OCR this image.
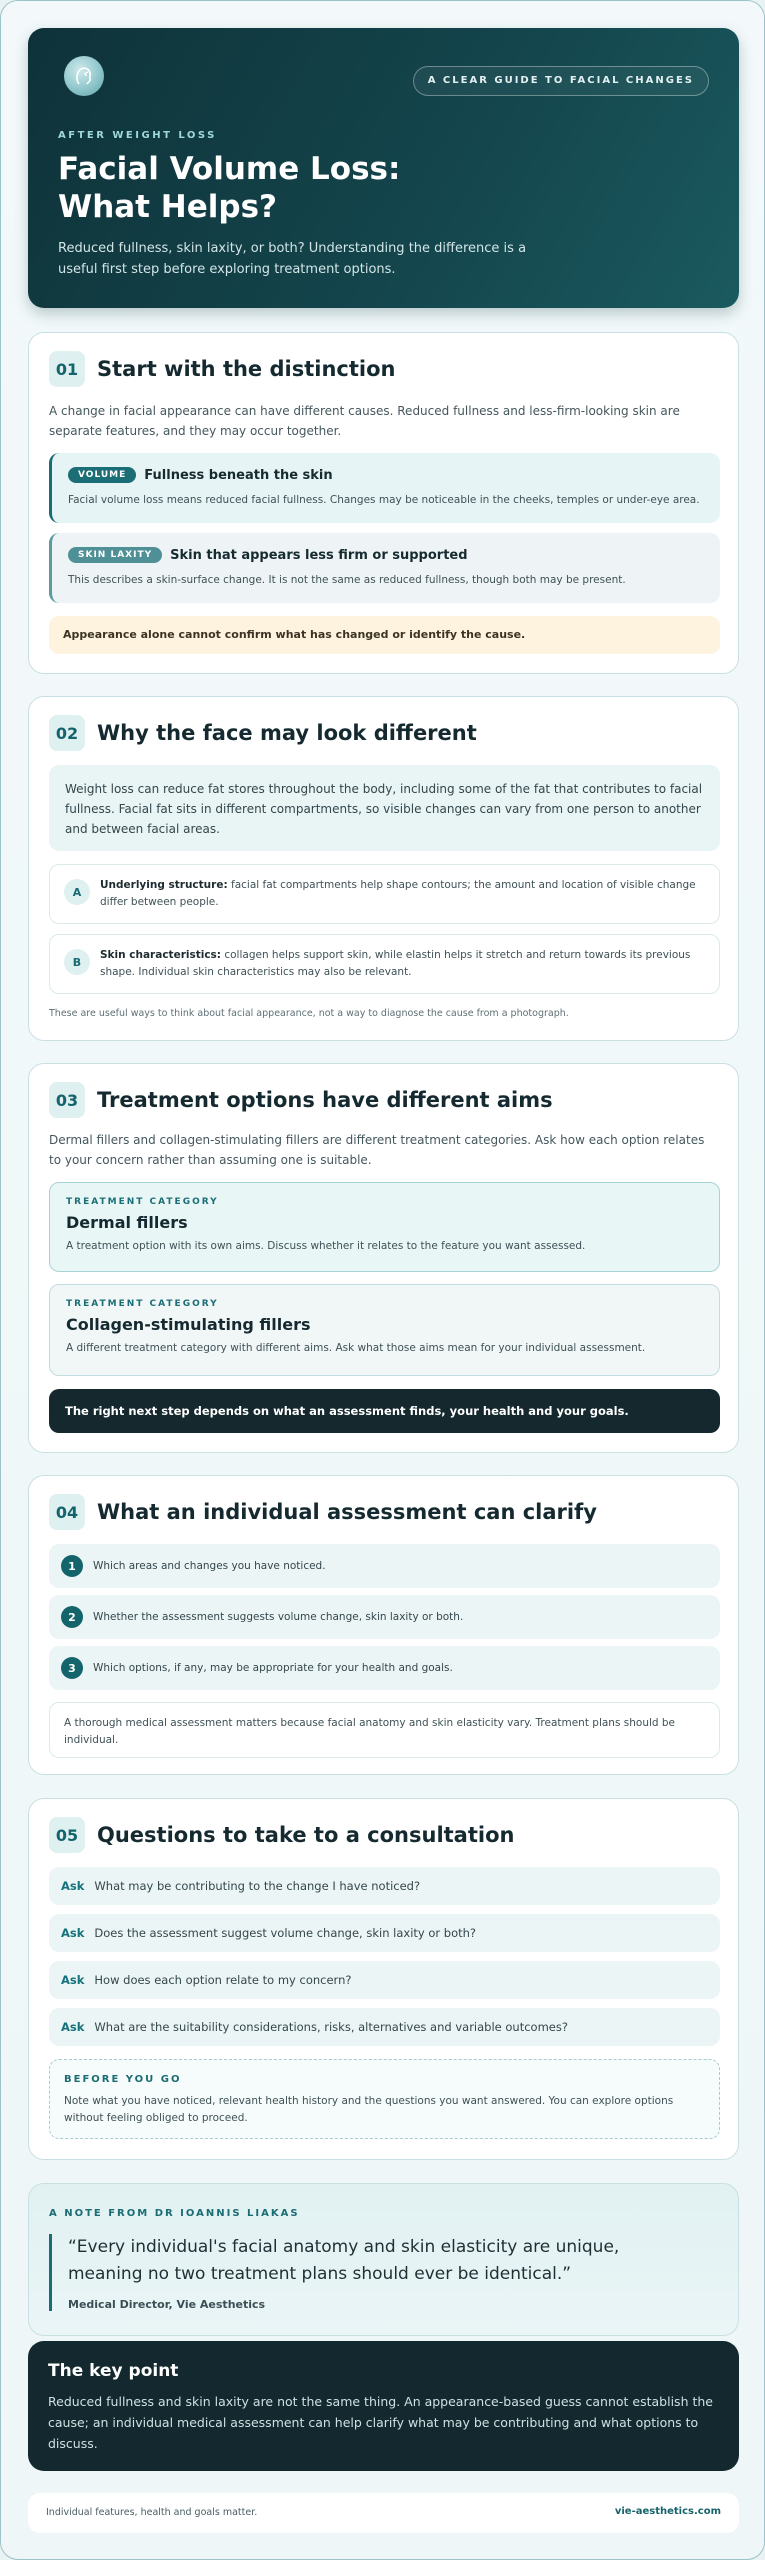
A CLEAR GUIDE TO FACIAL CHANGES
AFTER WEIGHT LOSS
Facial Volume Loss:
What Helps?
Reduced fullness, skin laxity, or both? Understanding the difference is a useful first step before exploring treatment options.
01 Start with the distinction
A change in facial appearance can have different causes. Reduced fullness and less-firm-looking skin are separate features, and they may occur together.
VOLUME	Fullness beneath the skin
Facial volume loss means reduced facial fullness. Changes may be noticeable in the cheeks, temples or under-eye area.
SKIN LAXITY	Skin that appears less firm or supported
This describes a skin-surface change. It is not the same as reduced fullness, though both may be present.
Appearance alone cannot confirm what has changed or identify the cause.
02 Why the face may look different
Weight loss can reduce fat stores throughout the body, including some of the fat that contributes to facial fullness. Facial fat sits in different compartments, so visible changes can vary from one person to another and between facial areas.
A
Underlying structure: facial fat compartments help shape contours; the amount and location of visible change differ between people.
B
Skin characteristics: collagen helps support skin, while elastin helps it stretch and return towards its previous shape. Individual skin characteristics may also be relevant.
These are useful ways to think about facial appearance, not a way to diagnose the cause from a photograph.
03 Treatment options have different aims
Dermal fillers and collagen-stimulating fillers are different treatment categories. Ask how each option relates to your concern rather than assuming one is suitable.
TREATMENT CATEGORY
Dermal fillers
A treatment option with its own aims. Discuss whether it relates to the feature you want assessed.
TREATMENT CATEGORY
Collagen-stimulating fillers
A different treatment category with different aims. Ask what those aims mean for your individual assessment.
The right next step depends on what an assessment finds, your health and your goals.
04 What an individual assessment can clarify
1	Which areas and changes you have noticed.
2	Whether the assessment suggests volume change, skin laxity or both.
3	Which options, if any, may be appropriate for your health and goals.
A thorough medical assessment matters because facial anatomy and skin elasticity vary. Treatment plans should be individual.
05 Questions to take to a consultation
Ask What may be contributing to the change I have noticed?
Ask Does the assessment suggest volume change, skin laxity or both?
Ask How does each option relate to my concern?
Ask What are the suitability considerations, risks, alternatives and variable outcomes?
BEFORE YOU GO
Note what you have noticed, relevant health history and the questions you want answered. You can explore options without feeling obliged to proceed.
A NOTE FROM DR IOANNIS LIAKAS
“Every individual's facial anatomy and skin elasticity are unique, meaning no two treatment plans should ever be identical.”
Medical Director, Vie Aesthetics
The key point
Reduced fullness and skin laxity are not the same thing. An appearance-based guess cannot establish the cause; an individual medical assessment can help clarify what may be contributing and what options to discuss.
Individual features, health and goals matter.	vie-aesthetics.com
